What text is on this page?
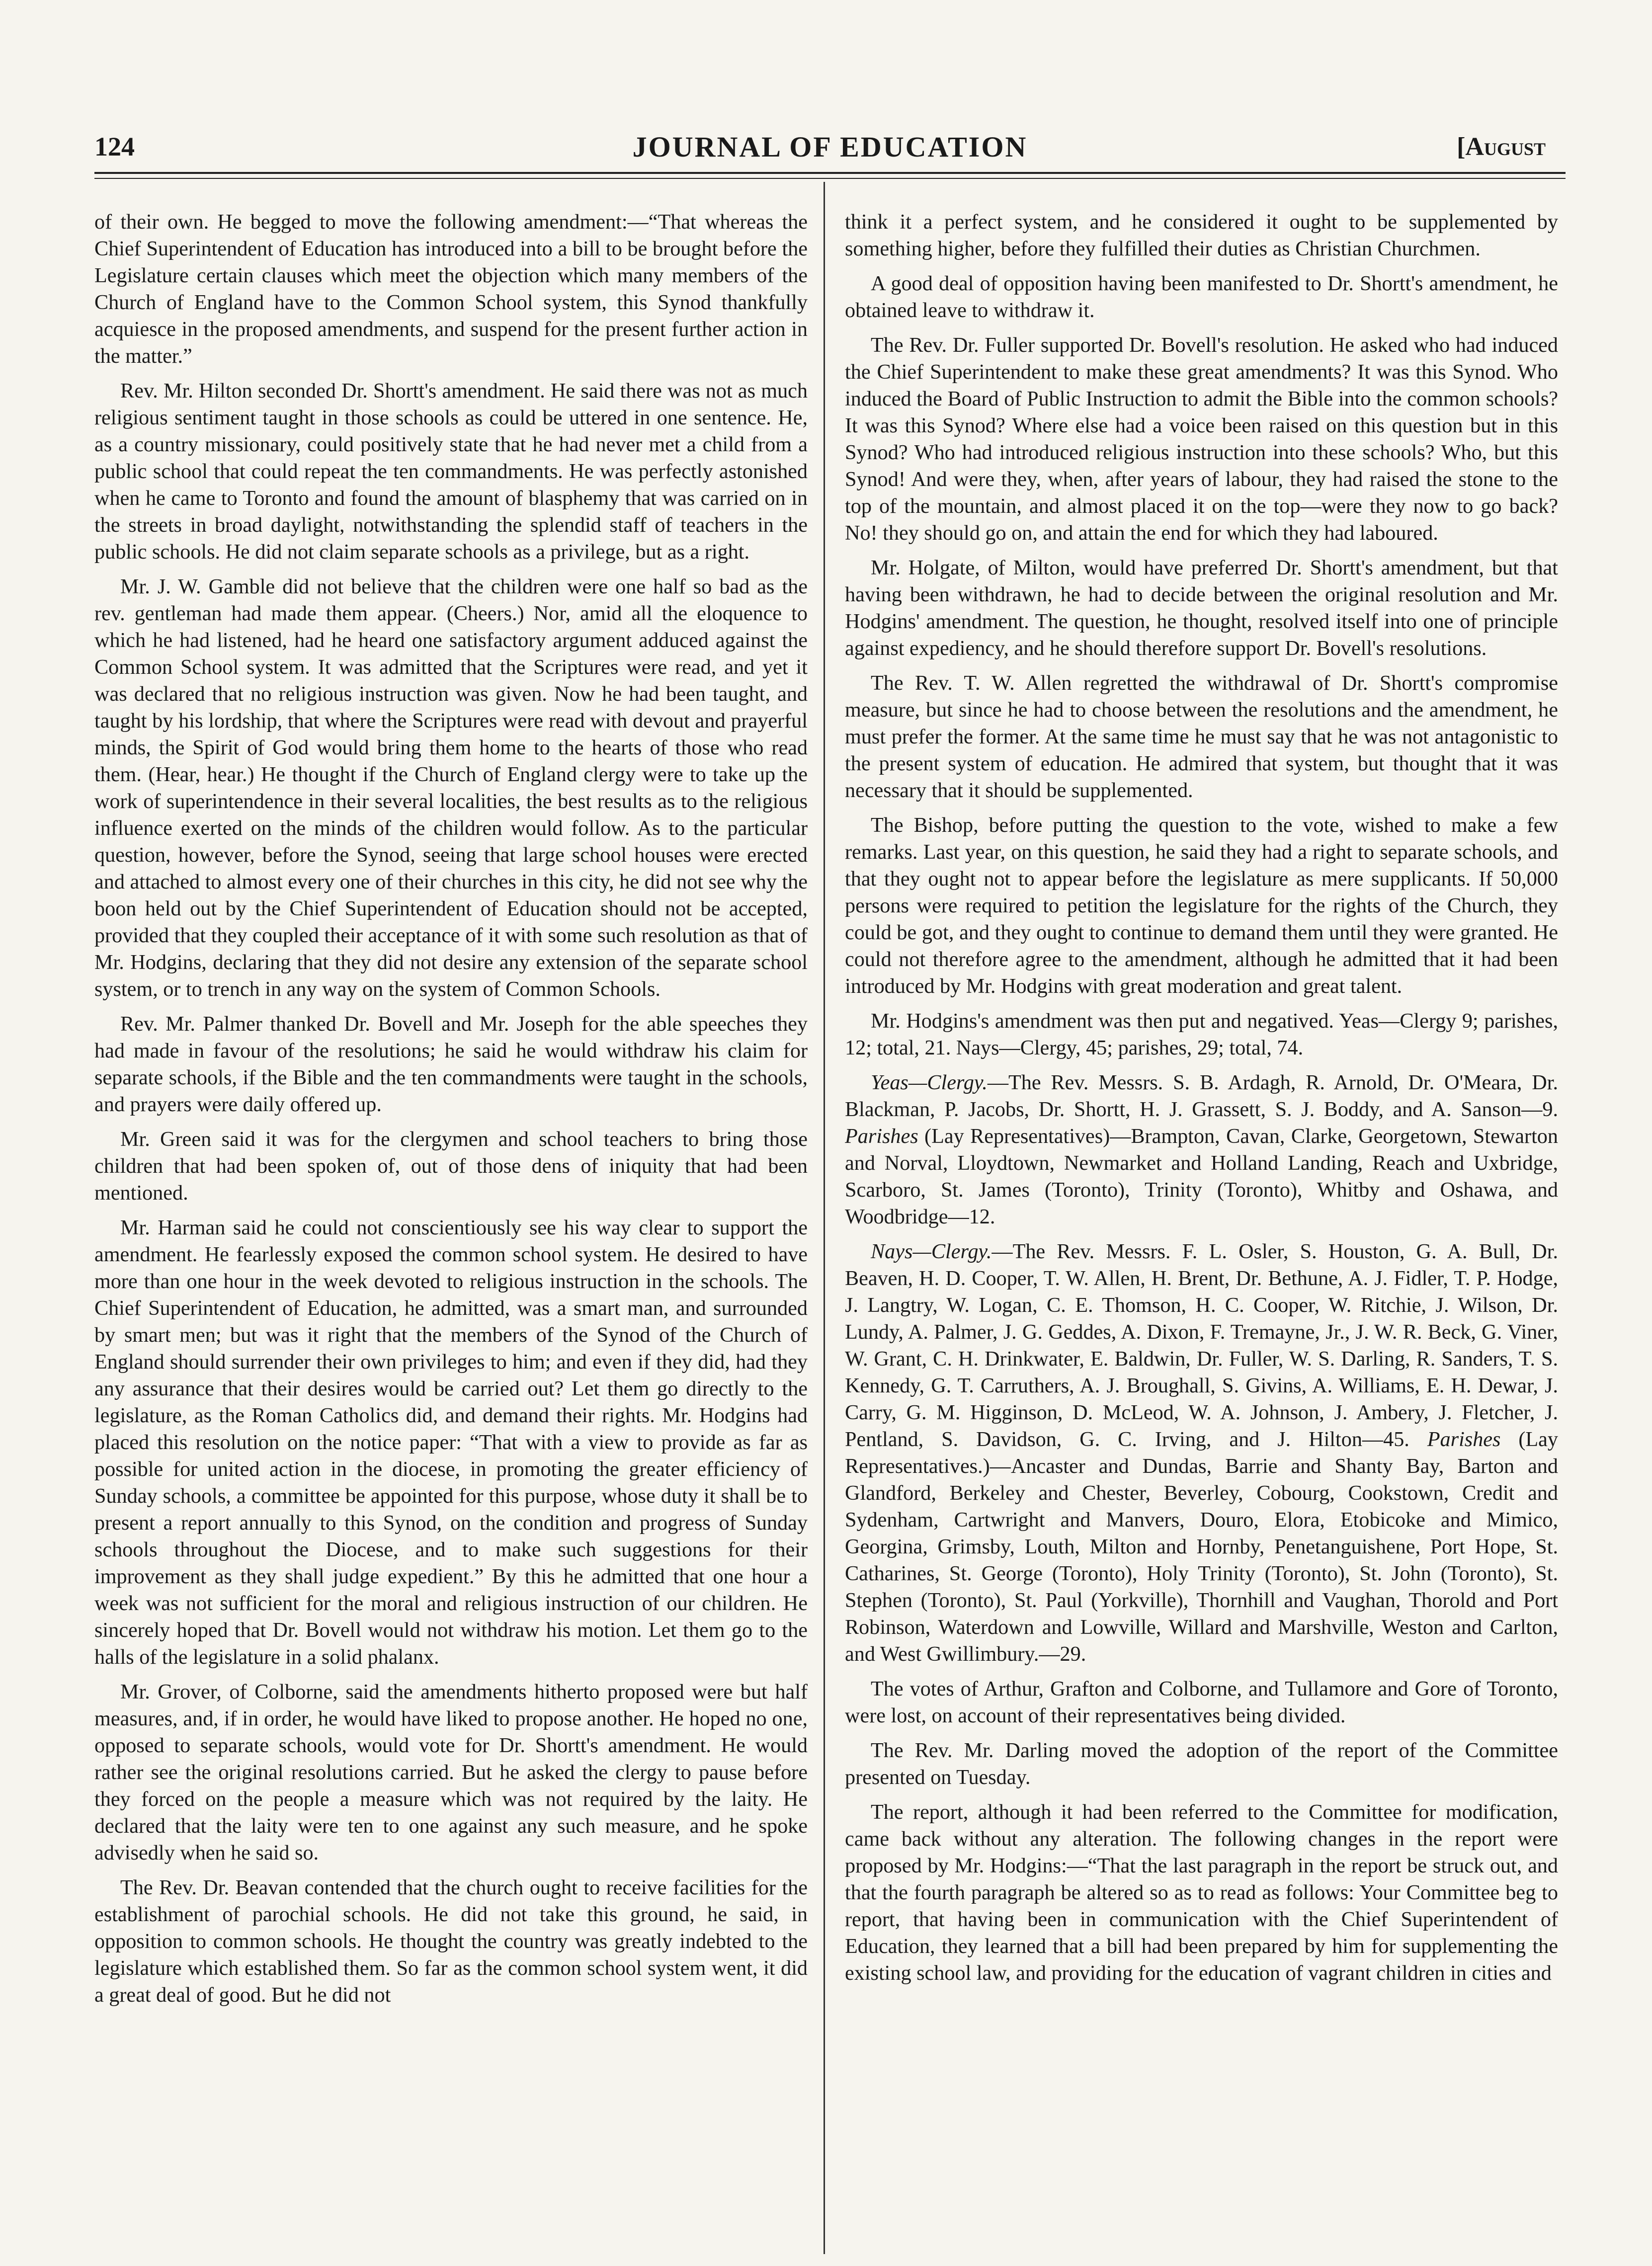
124	JOURNAL OF EDUCATION	[August

of their own. He begged to move the following amendment:—“That whereas the Chief Superintendent of Education has introduced into a bill to be brought before the Legislature certain clauses which meet the objection which many members of the Church of England have to the Common School system, this Synod thankfully acquiesce in the proposed amendments, and suspend for the present further action in the matter.”

Rev. Mr. Hilton seconded Dr. Shortt's amendment. He said there was not as much religious sentiment taught in those schools as could be uttered in one sentence. He, as a country missionary, could positively state that he had never met a child from a public school that could repeat the ten commandments. He was perfectly astonished when he came to Toronto and found the amount of blasphemy that was carried on in the streets in broad daylight, notwithstanding the splendid staff of teachers in the public schools. He did not claim separate schools as a privilege, but as a right.

Mr. J. W. Gamble did not believe that the children were one half so bad as the rev. gentleman had made them appear. (Cheers.) Nor, amid all the eloquence to which he had listened, had he heard one satisfactory argument adduced against the Common School system. It was admitted that the Scriptures were read, and yet it was declared that no religious instruction was given. Now he had been taught, and taught by his lordship, that where the Scriptures were read with devout and prayerful minds, the Spirit of God would bring them home to the hearts of those who read them. (Hear, hear.) He thought if the Church of England clergy were to take up the work of superintendence in their several localities, the best results as to the religious influence exerted on the minds of the children would follow. As to the particular question, however, before the Synod, seeing that large school houses were erected and attached to almost every one of their churches in this city, he did not see why the boon held out by the Chief Superintendent of Education should not be accepted, provided that they coupled their acceptance of it with some such resolution as that of Mr. Hodgins, declaring that they did not desire any extension of the separate school system, or to trench in any way on the system of Common Schools.

Rev. Mr. Palmer thanked Dr. Bovell and Mr. Joseph for the able speeches they had made in favour of the resolutions; he said he would withdraw his claim for separate schools, if the Bible and the ten commandments were taught in the schools, and prayers were daily offered up.

Mr. Green said it was for the clergymen and school teachers to bring those children that had been spoken of, out of those dens of iniquity that had been mentioned.

Mr. Harman said he could not conscientiously see his way clear to support the amendment. He fearlessly exposed the common school system. He desired to have more than one hour in the week devoted to religious instruction in the schools. The Chief Superintendent of Education, he admitted, was a smart man, and surrounded by smart men; but was it right that the members of the Synod of the Church of England should surrender their own privileges to him; and even if they did, had they any assurance that their desires would be carried out? Let them go directly to the legislature, as the Roman Catholics did, and demand their rights. Mr. Hodgins had placed this resolution on the notice paper: “That with a view to provide as far as possible for united action in the diocese, in promoting the greater efficiency of Sunday schools, a committee be appointed for this purpose, whose duty it shall be to present a report annually to this Synod, on the condition and progress of Sunday schools throughout the Diocese, and to make such suggestions for their improvement as they shall judge expedient.” By this he admitted that one hour a week was not sufficient for the moral and religious instruction of our children. He sincerely hoped that Dr. Bovell would not withdraw his motion. Let them go to the halls of the legislature in a solid phalanx.

Mr. Grover, of Colborne, said the amendments hitherto proposed were but half measures, and, if in order, he would have liked to propose another. He hoped no one, opposed to separate schools, would vote for Dr. Shortt's amendment. He would rather see the original resolutions carried. But he asked the clergy to pause before they forced on the people a measure which was not required by the laity. He declared that the laity were ten to one against any such measure, and he spoke advisedly when he said so.

The Rev. Dr. Beavan contended that the church ought to receive facilities for the establishment of parochial schools. He did not take this ground, he said, in opposition to common schools. He thought the country was greatly indebted to the legislature which established them. So far as the common school system went, it did a great deal of good. But he did not

think it a perfect system, and he considered it ought to be supplemented by something higher, before they fulfilled their duties as Christian Churchmen.

A good deal of opposition having been manifested to Dr. Shortt's amendment, he obtained leave to withdraw it.

The Rev. Dr. Fuller supported Dr. Bovell's resolution. He asked who had induced the Chief Superintendent to make these great amendments? It was this Synod. Who induced the Board of Public Instruction to admit the Bible into the common schools? It was this Synod? Where else had a voice been raised on this question but in this Synod? Who had introduced religious instruction into these schools? Who, but this Synod! And were they, when, after years of labour, they had raised the stone to the top of the mountain, and almost placed it on the top—were they now to go back? No! they should go on, and attain the end for which they had laboured.

Mr. Holgate, of Milton, would have preferred Dr. Shortt's amendment, but that having been withdrawn, he had to decide between the original resolution and Mr. Hodgins' amendment. The question, he thought, resolved itself into one of principle against expediency, and he should therefore support Dr. Bovell's resolutions.

The Rev. T. W. Allen regretted the withdrawal of Dr. Shortt's compromise measure, but since he had to choose between the resolutions and the amendment, he must prefer the former. At the same time he must say that he was not antagonistic to the present system of education. He admired that system, but thought that it was necessary that it should be supplemented.

The Bishop, before putting the question to the vote, wished to make a few remarks. Last year, on this question, he said they had a right to separate schools, and that they ought not to appear before the legislature as mere supplicants. If 50,000 persons were required to petition the legislature for the rights of the Church, they could be got, and they ought to continue to demand them until they were granted. He could not therefore agree to the amendment, although he admitted that it had been introduced by Mr. Hodgins with great moderation and great talent.

Mr. Hodgins's amendment was then put and negatived. Yeas—Clergy 9; parishes, 12; total, 21. Nays—Clergy, 45; parishes, 29; total, 74.

Yeas—Clergy.—The Rev. Messrs. S. B. Ardagh, R. Arnold, Dr. O'Meara, Dr. Blackman, P. Jacobs, Dr. Shortt, H. J. Grassett, S. J. Boddy, and A. Sanson—9. Parishes (Lay Representatives)—Brampton, Cavan, Clarke, Georgetown, Stewarton and Norval, Lloydtown, Newmarket and Holland Landing, Reach and Uxbridge, Scarboro, St. James (Toronto), Trinity (Toronto), Whitby and Oshawa, and Woodbridge—12.

Nays—Clergy.—The Rev. Messrs. F. L. Osler, S. Houston, G. A. Bull, Dr. Beaven, H. D. Cooper, T. W. Allen, H. Brent, Dr. Bethune, A. J. Fidler, T. P. Hodge, J. Langtry, W. Logan, C. E. Thomson, H. C. Cooper, W. Ritchie, J. Wilson, Dr. Lundy, A. Palmer, J. G. Geddes, A. Dixon, F. Tremayne, Jr., J. W. R. Beck, G. Viner, W. Grant, C. H. Drinkwater, E. Baldwin, Dr. Fuller, W. S. Darling, R. Sanders, T. S. Kennedy, G. T. Carruthers, A. J. Broughall, S. Givins, A. Williams, E. H. Dewar, J. Carry, G. M. Higginson, D. McLeod, W. A. Johnson, J. Ambery, J. Fletcher, J. Pentland, S. Davidson, G. C. Irving, and J. Hilton—45. Parishes (Lay Representatives.)—Ancaster and Dundas, Barrie and Shanty Bay, Barton and Glandford, Berkeley and Chester, Beverley, Cobourg, Cookstown, Credit and Sydenham, Cartwright and Manvers, Douro, Elora, Etobicoke and Mimico, Georgina, Grimsby, Louth, Milton and Hornby, Penetanguishene, Port Hope, St. Catharines, St. George (Toronto), Holy Trinity (Toronto), St. John (Toronto), St. Stephen (Toronto), St. Paul (Yorkville), Thornhill and Vaughan, Thorold and Port Robinson, Waterdown and Lowville, Willard and Marshville, Weston and Carlton, and West Gwillimbury.—29.

The votes of Arthur, Grafton and Colborne, and Tullamore and Gore of Toronto, were lost, on account of their representatives being divided.

The Rev. Mr. Darling moved the adoption of the report of the Committee presented on Tuesday.

The report, although it had been referred to the Committee for modification, came back without any alteration. The following changes in the report were proposed by Mr. Hodgins:—“That the last paragraph in the report be struck out, and that the fourth paragraph be altered so as to read as follows: Your Committee beg to report, that having been in communication with the Chief Superintendent of Education, they learned that a bill had been prepared by him for supplementing the existing school law, and providing for the education of vagrant children in cities and
